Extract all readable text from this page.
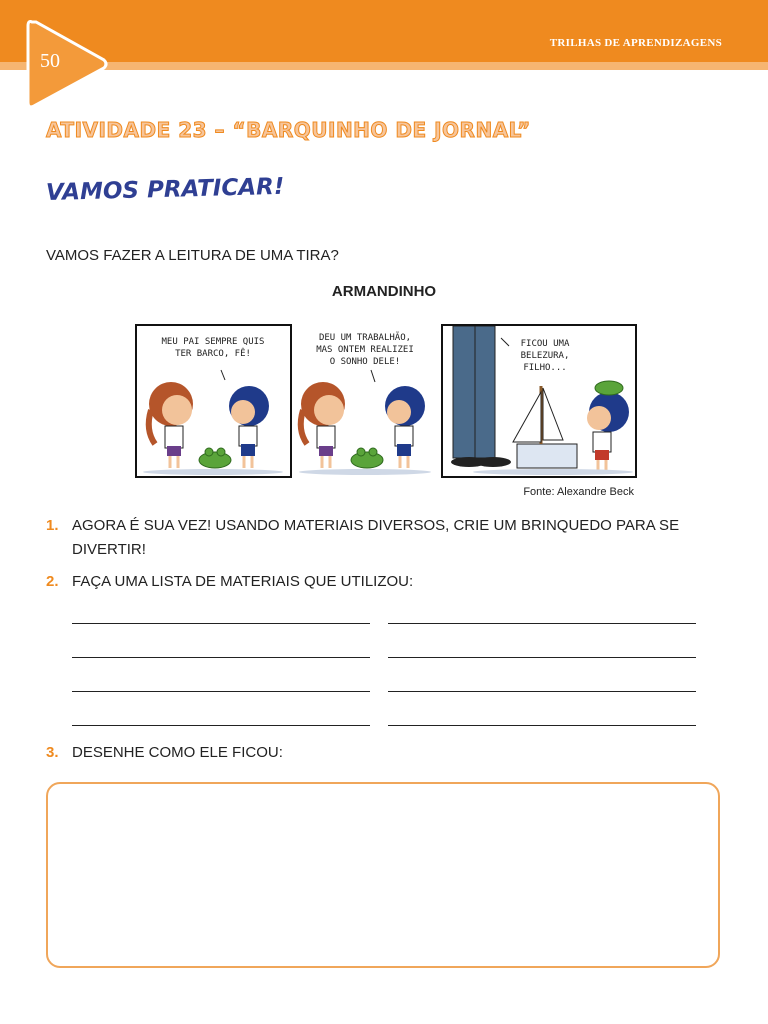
TRILHAS DE APRENDIZAGENS
50
ATIVIDADE 23 – “BARQUINHO DE JORNAL”
VAMOS PRATICAR!
VAMOS FAZER A LEITURA DE UMA TIRA?
ARMANDINHO
MEU PAI SEMPRE QUIS
TER BARCO, FÊ!
DEU UM TRABALHÃO,
MAS ONTEM REALIZEI
O SONHO DELE!
FICOU UMA
BELEZURA,
FILHO...
Fonte: Alexandre Beck
1. AGORA É SUA VEZ! USANDO MATERIAIS DIVERSOS, CRIE UM BRINQUEDO PARA SE DIVERTIR!
2. FAÇA UMA LISTA DE MATERIAIS QUE UTILIZOU:
3. DESENHE COMO ELE FICOU:
